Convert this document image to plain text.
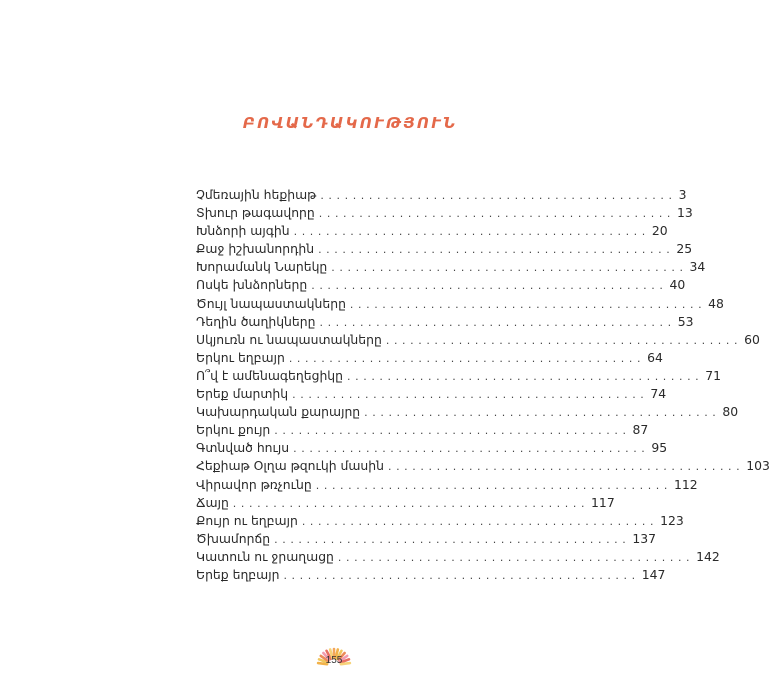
ԲՈՎԱՆԴԱԿՈՒԹՅՈՒՆ
Չմեռային հեքիաթ ............................................ 3
Տխուր թագավորը ............................................ 13
Խնձորի այգին ............................................ 20
Քաջ իշխանորդին ............................................ 25
Խորամանկ Նարեկը ............................................ 34
Ոսկե խնձորները ............................................ 40
Ծույլ նապաստակները ............................................ 48
Դեղին ծաղիկները ............................................ 53
Սկյուռն ու նապաստակները ............................................ 60
Երկու եղբայր ............................................ 64
Ո՞վ է ամենագեղեցիկը ............................................ 71
Երեք մարտիկ ............................................ 74
Կախարդական քարայրը ............................................ 80
Երկու քույր ............................................ 87
Գտնված հույս ............................................ 95
Հեքիաթ Օլղա թզուկի մասին ............................................ 103
Վիրավոր թռչունը ............................................ 112
Ճայը ............................................ 117
Քույր ու եղբայր ............................................ 123
Ծխամորճը ............................................ 137
Կատուն ու ջրաղացը ............................................ 142
Երեք եղբայր ............................................ 147
155
